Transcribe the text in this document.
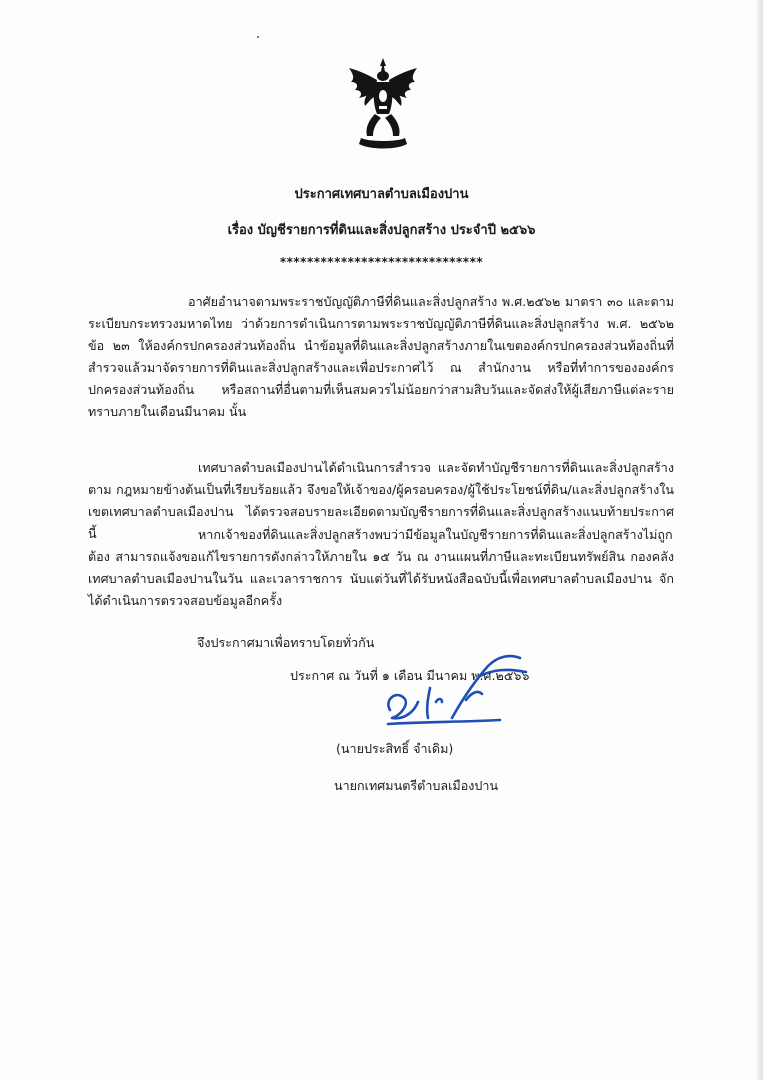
ประกาศเทศบาลตำบลเมืองปาน

เรื่อง บัญชีรายการที่ดินและสิ่งปลูกสร้าง ประจำปี ๒๕๖๖

******************************

อาศัยอำนาจตามพระราชบัญญัติภาษีที่ดินและสิ่งปลูกสร้าง พ.ศ.๒๕๖๒ มาตรา ๓๐ และตามระเบียบกระทรวงมหาดไทย ว่าด้วยการดำเนินการตามพระราชบัญญัติภาษีที่ดินและสิ่งปลูกสร้าง พ.ศ. ๒๕๖๒ ข้อ ๒๓ ให้องค์กรปกครองส่วนท้องถิ่น นำข้อมูลที่ดินและสิ่งปลูกสร้างภายในเขตองค์กรปกครองส่วนท้องถิ่นที่สำรวจแล้วมาจัดรายการที่ดินและสิ่งปลูกสร้างและเพื่อประกาศไว้ ณ สำนักงาน หรือที่ทำการขององค์กรปกครองส่วนท้องถิ่น หรือสถานที่อื่นตามที่เห็นสมควรไม่น้อยกว่าสามสิบวันและจัดส่งให้ผู้เสียภาษีแต่ละรายทราบภายในเดือนมีนาคม นั้น

เทศบาลตำบลเมืองปานได้ดำเนินการสำรวจ และจัดทำบัญชีรายการที่ดินและสิ่งปลูกสร้าง ตาม กฎหมายข้างต้นเป็นที่เรียบร้อยแล้ว จึงขอให้เจ้าของ/ผู้ครอบครอง/ผู้ใช้ประโยชน์ที่ดิน/และสิ่งปลูกสร้างในเขตเทศบาลตำบลเมืองปาน ได้ตรวจสอบรายละเอียดตามบัญชีรายการที่ดินและสิ่งปลูกสร้างแนบท้ายประกาศนี้	หากเจ้าของที่ดินและสิ่งปลูกสร้างพบว่ามีข้อมูลในบัญชีรายการที่ดินและสิ่งปลูกสร้างไม่ถูกต้อง สามารถแจ้งขอแก้ไขรายการดังกล่าวให้ภายใน ๑๕ วัน ณ งานแผนที่ภาษีและทะเบียนทรัพย์สิน กองคลังเทศบาลตำบลเมืองปานในวัน และเวลาราชการ นับแต่วันที่ได้รับหนังสือฉบับนี้เพื่อเทศบาลตำบลเมืองปาน จักได้ดำเนินการตรวจสอบข้อมูลอีกครั้ง

จึงประกาศมาเพื่อทราบโดยทั่วกัน

ประกาศ ณ วันที่ ๑ เดือน มีนาคม พ.ศ.๒๕๖๖

(นายประสิทธิ์ จำเดิม)

นายกเทศมนตรีตำบลเมืองปาน
